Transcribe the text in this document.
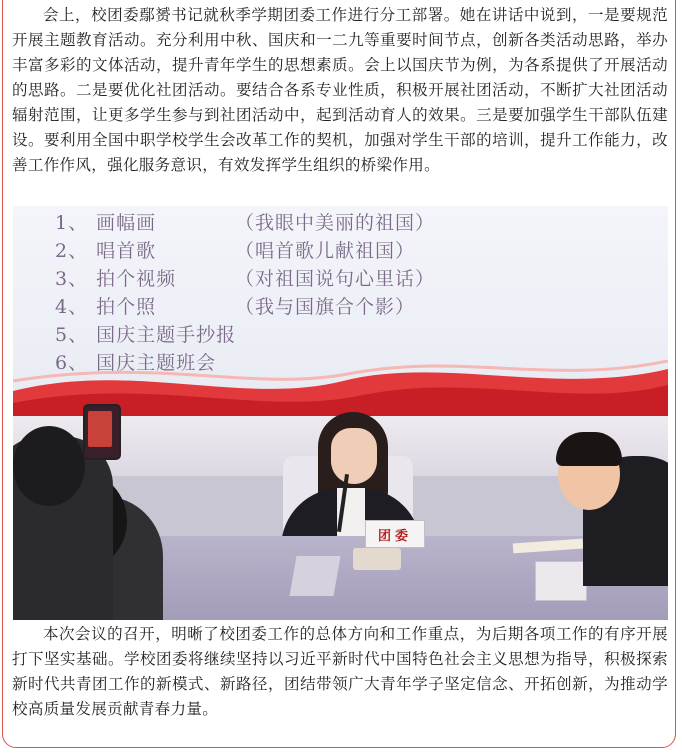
会上，校团委鄢赟书记就秋季学期团委工作进行分工部署。她在讲话中说到，一是要规范开展主题教育活动。充分利用中秋、国庆和一二九等重要时间节点，创新各类活动思路，举办丰富多彩的文体活动，提升青年学生的思想素质。会上以国庆节为例，为各系提供了开展活动的思路。二是要优化社团活动。要结合各系专业性质，积极开展社团活动，不断扩大社团活动辐射范围，让更多学生参与到社团活动中，起到活动育人的效果。三是要加强学生干部队伍建设。要利用全国中职学校学生会改革工作的契机，加强对学生干部的培训，提升工作能力，改善工作作风，强化服务意识，有效发挥学生组织的桥梁作用。

1、 画幅画	（我眼中美丽的祖国）
2、 唱首歌	（唱首歌儿献祖国）
3、 拍个视频	（对祖国说句心里话）
4、 拍个照	（我与国旗合个影）
5、 国庆主题手抄报
6、 国庆主题班会
团委

本次会议的召开，明晰了校团委工作的总体方向和工作重点，为后期各项工作的有序开展打下坚实基础。学校团委将继续坚持以习近平新时代中国特色社会主义思想为指导，积极探索新时代共青团工作的新模式、新路径，团结带领广大青年学子坚定信念、开拓创新，为推动学校高质量发展贡献青春力量。
